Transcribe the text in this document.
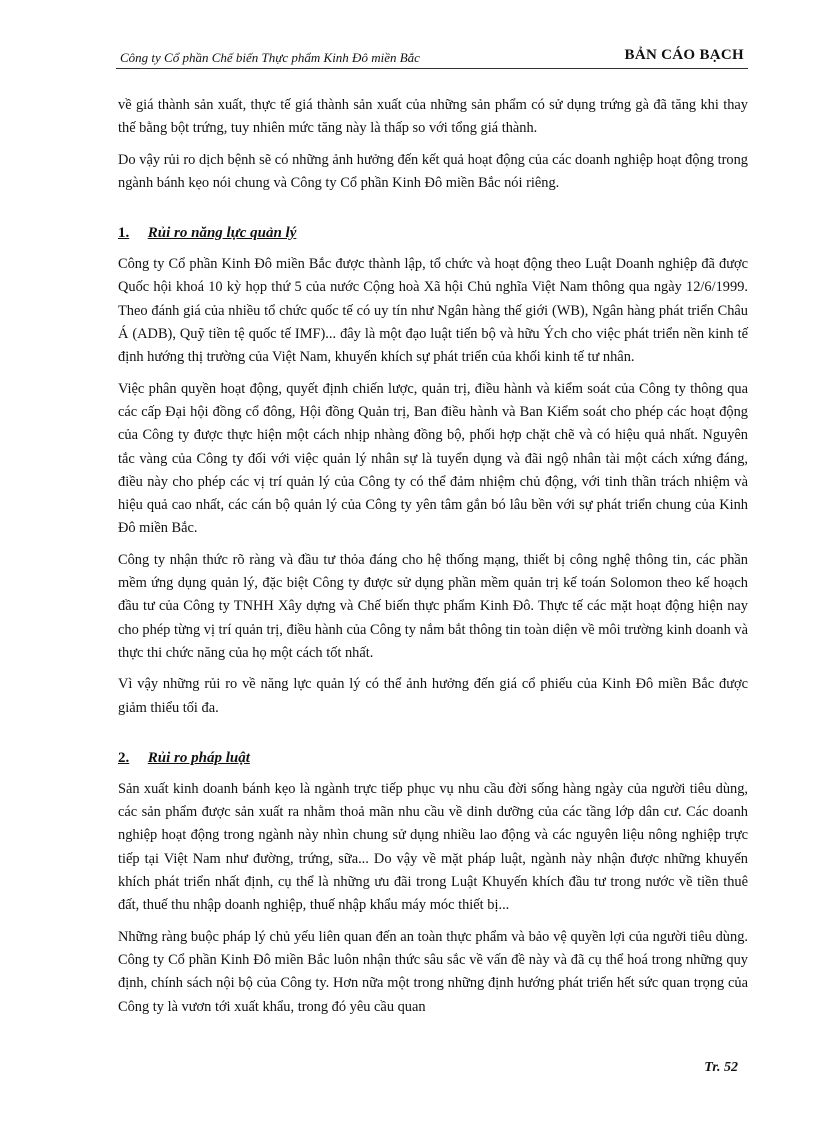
Công ty Cổ phần Chế biến Thực phẩm Kinh Đô miền Bắc	BẢN CÁO BẠCH

về giá thành sản xuất, thực tế giá thành sản xuất của những sản phẩm có sử dụng trứng gà đã tăng khi thay thế bằng bột trứng, tuy nhiên mức tăng này là thấp so với tổng giá thành.

Do vậy rủi ro dịch bệnh sẽ có những ảnh hưởng đến kết quả hoạt động của các doanh nghiệp hoạt động trong ngành bánh kẹo nói chung và Công ty Cổ phần Kinh Đô miền Bắc nói riêng.

1. Rủi ro năng lực quản lý

Công ty Cổ phần Kinh Đô miền Bắc được thành lập, tổ chức và hoạt động theo Luật Doanh nghiệp đã được Quốc hội khoá 10 kỳ họp thứ 5 của nước Cộng hoà Xã hội Chủ nghĩa Việt Nam thông qua ngày 12/6/1999. Theo đánh giá của nhiều tổ chức quốc tế có uy tín như Ngân hàng thế giới (WB), Ngân hàng phát triển Châu Á (ADB), Quỹ tiền tệ quốc tế IMF)... đây là một đạo luật tiến bộ và hữu Ých cho việc phát triển nền kinh tế định hướng thị trường của Việt Nam, khuyến khích sự phát triển của khối kinh tế tư nhân.

Việc phân quyền hoạt động, quyết định chiến lược, quản trị, điều hành và kiểm soát của Công ty thông qua các cấp Đại hội đồng cổ đông, Hội đồng Quản trị, Ban điều hành và Ban Kiểm soát cho phép các hoạt động của Công ty được thực hiện một cách nhịp nhàng đồng bộ, phối hợp chặt chẽ và có hiệu quả nhất. Nguyên tắc vàng của Công ty đối với việc quản lý nhân sự là tuyển dụng và đãi ngộ nhân tài một cách xứng đáng, điều này cho phép các vị trí quản lý của Công ty có thể đảm nhiệm chủ động, với tinh thần trách nhiệm và hiệu quả cao nhất, các cán bộ quản lý của Công ty yên tâm gắn bó lâu bền với sự phát triển chung của Kinh Đô miền Bắc.

Công ty nhận thức rõ ràng và đầu tư thỏa đáng cho hệ thống mạng, thiết bị công nghệ thông tin, các phần mềm ứng dụng quản lý, đặc biệt Công ty được sử dụng phần mềm quản trị kế toán Solomon theo kế hoạch đầu tư của Công ty TNHH Xây dựng và Chế biến thực phẩm Kinh Đô. Thực tế các mặt hoạt động hiện nay cho phép từng vị trí quản trị, điều hành của Công ty nắm bắt thông tin toàn diện về môi trường kinh doanh và thực thi chức năng của họ một cách tốt nhất.

Vì vậy những rủi ro về năng lực quản lý có thể ảnh hưởng đến giá cổ phiếu của Kinh Đô miền Bắc được giảm thiểu tối đa.

2. Rủi ro pháp luật

Sản xuất kinh doanh bánh kẹo là ngành trực tiếp phục vụ nhu cầu đời sống hàng ngày của người tiêu dùng, các sản phẩm được sản xuất ra nhằm thoả mãn nhu cầu về dinh dưỡng của các tầng lớp dân cư. Các doanh nghiệp hoạt động trong ngành này nhìn chung sử dụng nhiều lao động và các nguyên liệu nông nghiệp trực tiếp tại Việt Nam như đường, trứng, sữa... Do vậy về mặt pháp luật, ngành này nhận được những khuyến khích phát triển nhất định, cụ thể là những ưu đãi trong Luật Khuyến khích đầu tư trong nước về tiền thuê đất, thuế thu nhập doanh nghiệp, thuế nhập khẩu máy móc thiết bị...

Những ràng buộc pháp lý chủ yếu liên quan đến an toàn thực phẩm và bảo vệ quyền lợi của người tiêu dùng. Công ty Cổ phần Kinh Đô miền Bắc luôn nhận thức sâu sắc về vấn đề này và đã cụ thể hoá trong những quy định, chính sách nội bộ của Công ty. Hơn nữa một trong những định hướng phát triển hết sức quan trọng của Công ty là vươn tới xuất khẩu, trong đó yêu cầu quan

Tr. 52
